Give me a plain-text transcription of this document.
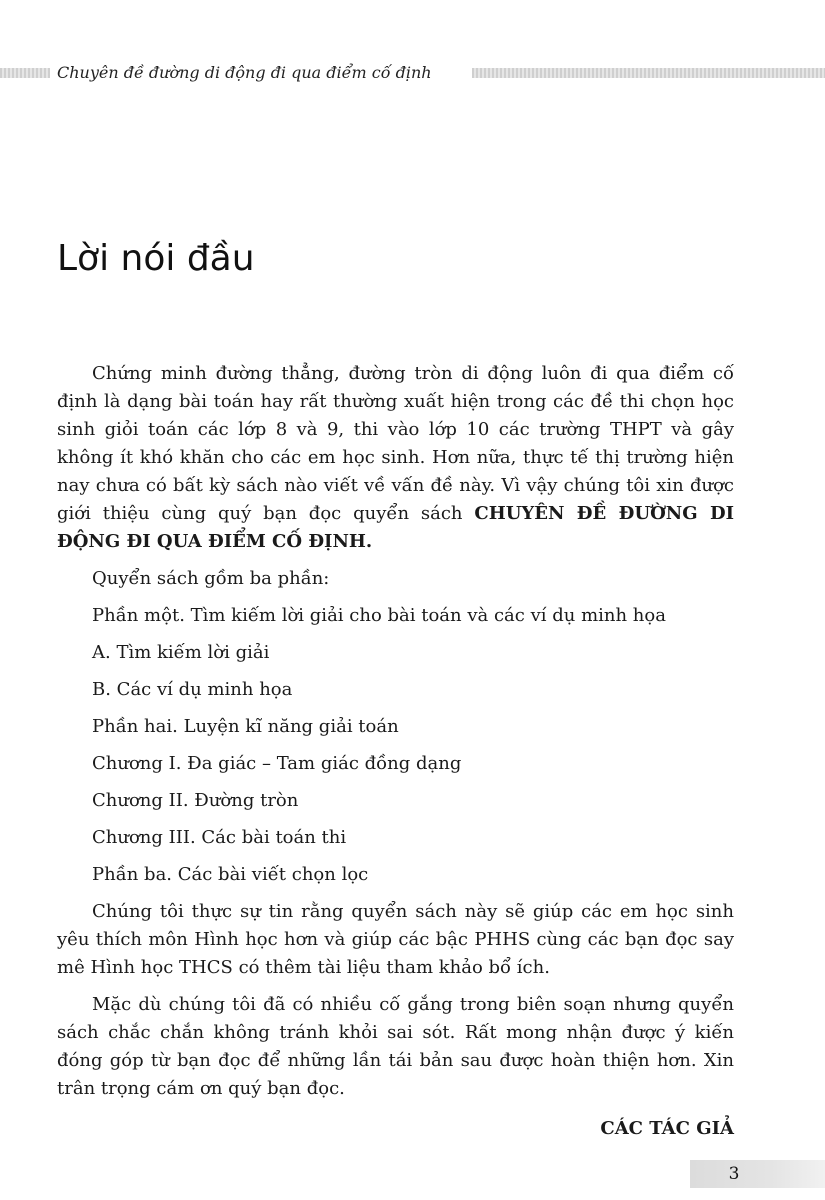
Chuyên đề đường di động đi qua điểm cố định
Lời nói đầu

Chứng minh đường thẳng, đường tròn di động luôn đi qua điểm cố định là dạng bài toán hay rất thường xuất hiện trong các đề thi chọn học sinh giỏi toán các lớp 8 và 9, thi vào lớp 10 các trường THPT và gây không ít khó khăn cho các em học sinh. Hơn nữa, thực tế thị trường hiện nay chưa có bất kỳ sách nào viết về vấn đề này. Vì vậy chúng tôi xin được giới thiệu cùng quý bạn đọc quyển sách CHUYÊN ĐỀ ĐƯỜNG DI ĐỘNG ĐI QUA ĐIỂM CỐ ĐỊNH.

Quyển sách gồm ba phần:

Phần một. Tìm kiếm lời giải cho bài toán và các ví dụ minh họa

A. Tìm kiếm lời giải

B. Các ví dụ minh họa

Phần hai. Luyện kĩ năng giải toán

Chương I. Đa giác – Tam giác đồng dạng

Chương II. Đường tròn

Chương III. Các bài toán thi

Phần ba. Các bài viết chọn lọc

Chúng tôi thực sự tin rằng quyển sách này sẽ giúp các em học sinh yêu thích môn Hình học hơn và giúp các bậc PHHS cùng các bạn đọc say mê Hình học THCS có thêm tài liệu tham khảo bổ ích.

Mặc dù chúng tôi đã có nhiều cố gắng trong biên soạn nhưng quyển sách chắc chắn không tránh khỏi sai sót. Rất mong nhận được ý kiến đóng góp từ bạn đọc để những lần tái bản sau được hoàn thiện hơn. Xin trân trọng cám ơn quý bạn đọc.

CÁC TÁC GIẢ

3
